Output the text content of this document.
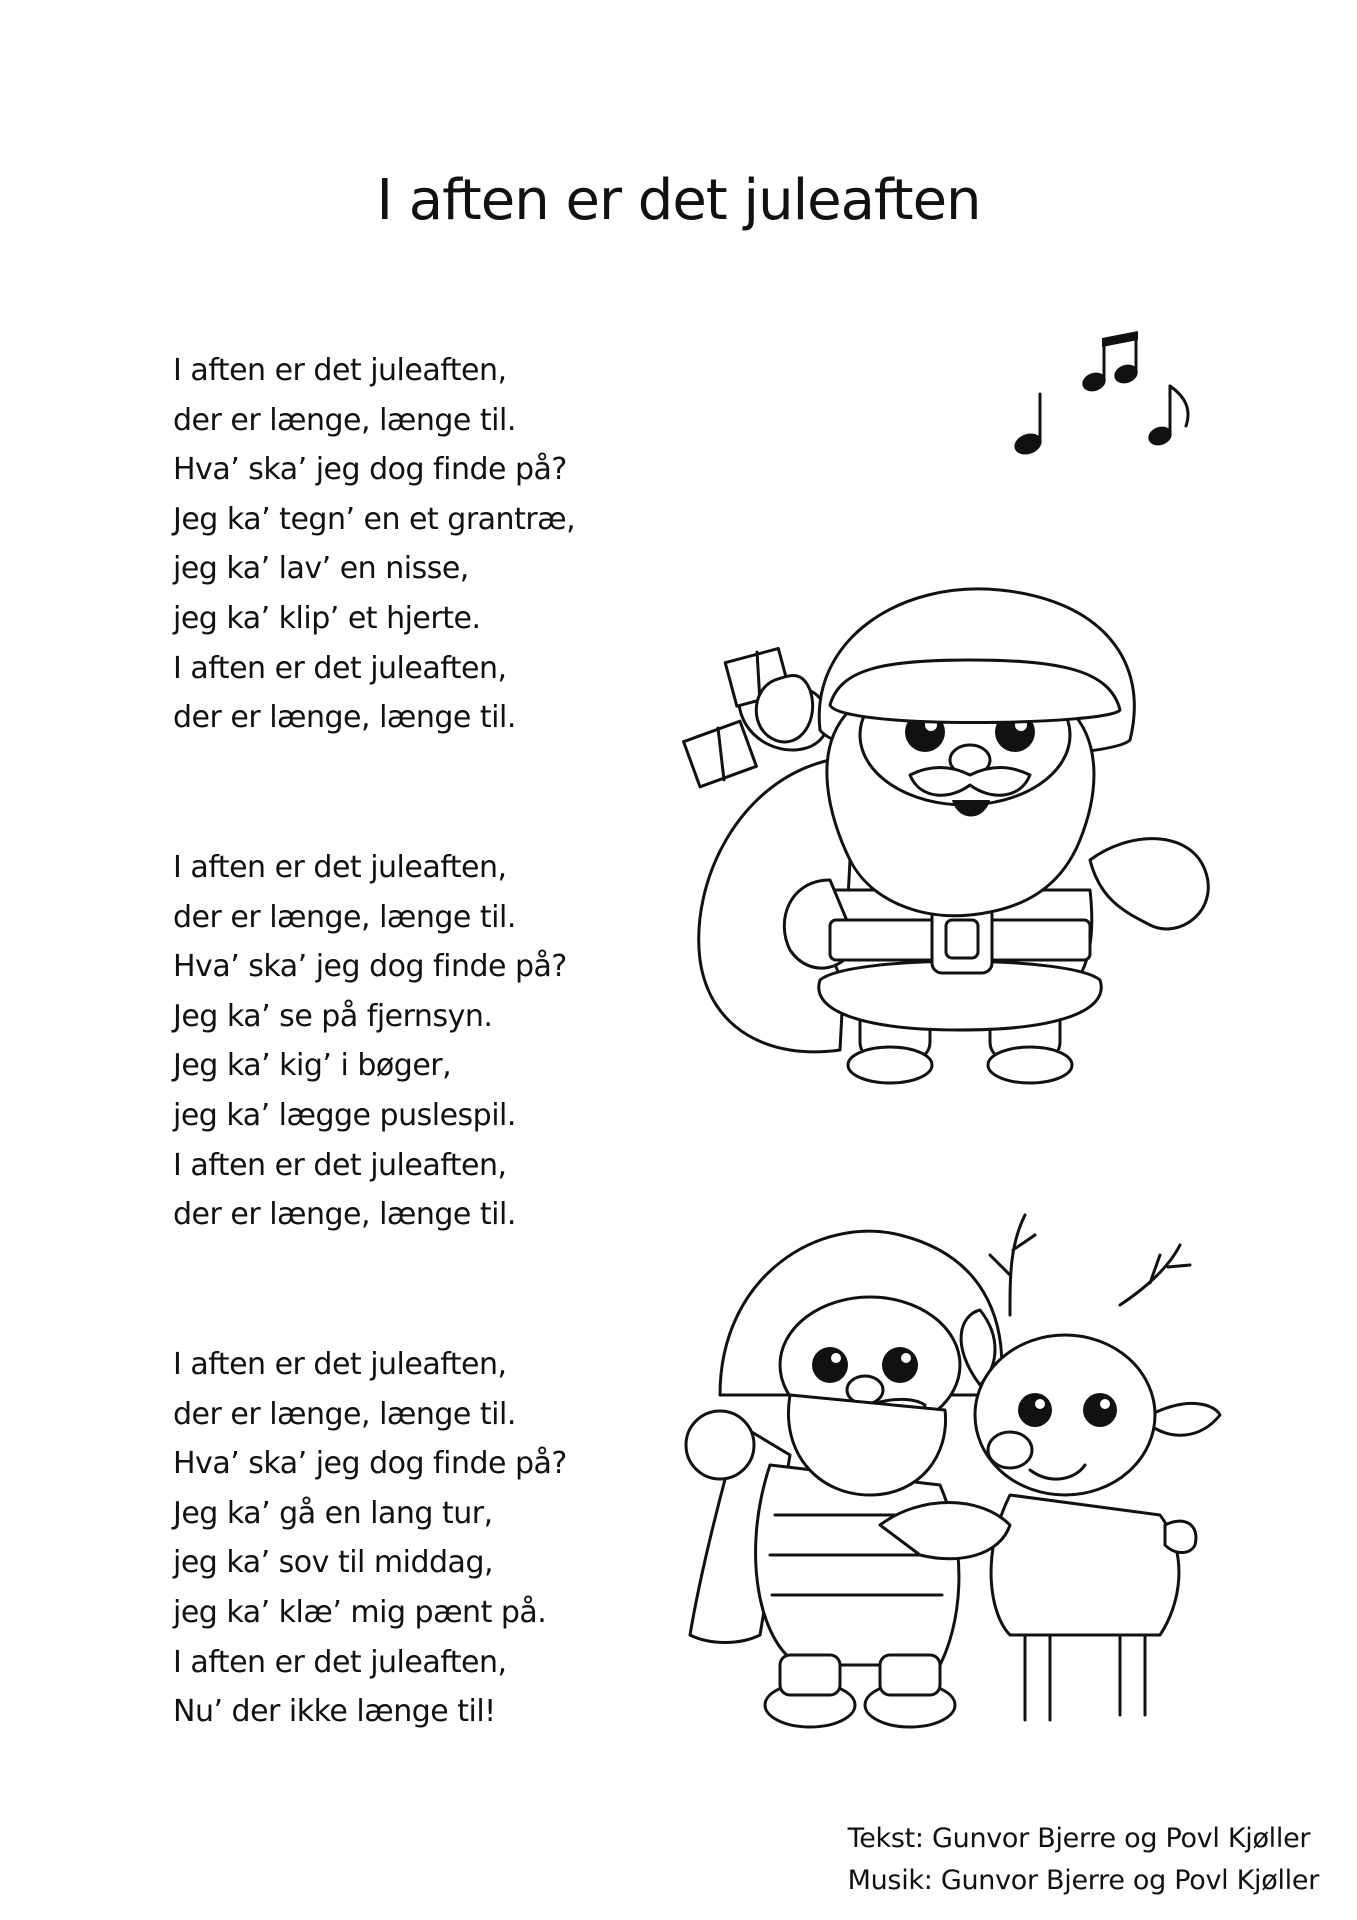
I aften er det juleaften
I aften er det juleaften,
der er længe, længe til.
Hva’ ska’ jeg dog finde på?
Jeg ka’ tegn’ en et grantræ,
jeg ka’ lav’ en nisse,
jeg ka’ klip’ et hjerte.
I aften er det juleaften,
der er længe, længe til.
I aften er det juleaften,
der er længe, længe til.
Hva’ ska’ jeg dog finde på?
Jeg ka’ se på fjernsyn.
Jeg ka’ kig’ i bøger,
jeg ka’ lægge puslespil.
I aften er det juleaften,
der er længe, længe til.
I aften er det juleaften,
der er længe, længe til.
Hva’ ska’ jeg dog finde på?
Jeg ka’ gå en lang tur,
jeg ka’ sov til middag,
jeg ka’ klæ’ mig pænt på.
I aften er det juleaften,
Nu’ der ikke længe til!
Tekst: Gunvor Bjerre og Povl Kjøller
Musik: Gunvor Bjerre og Povl Kjøller
